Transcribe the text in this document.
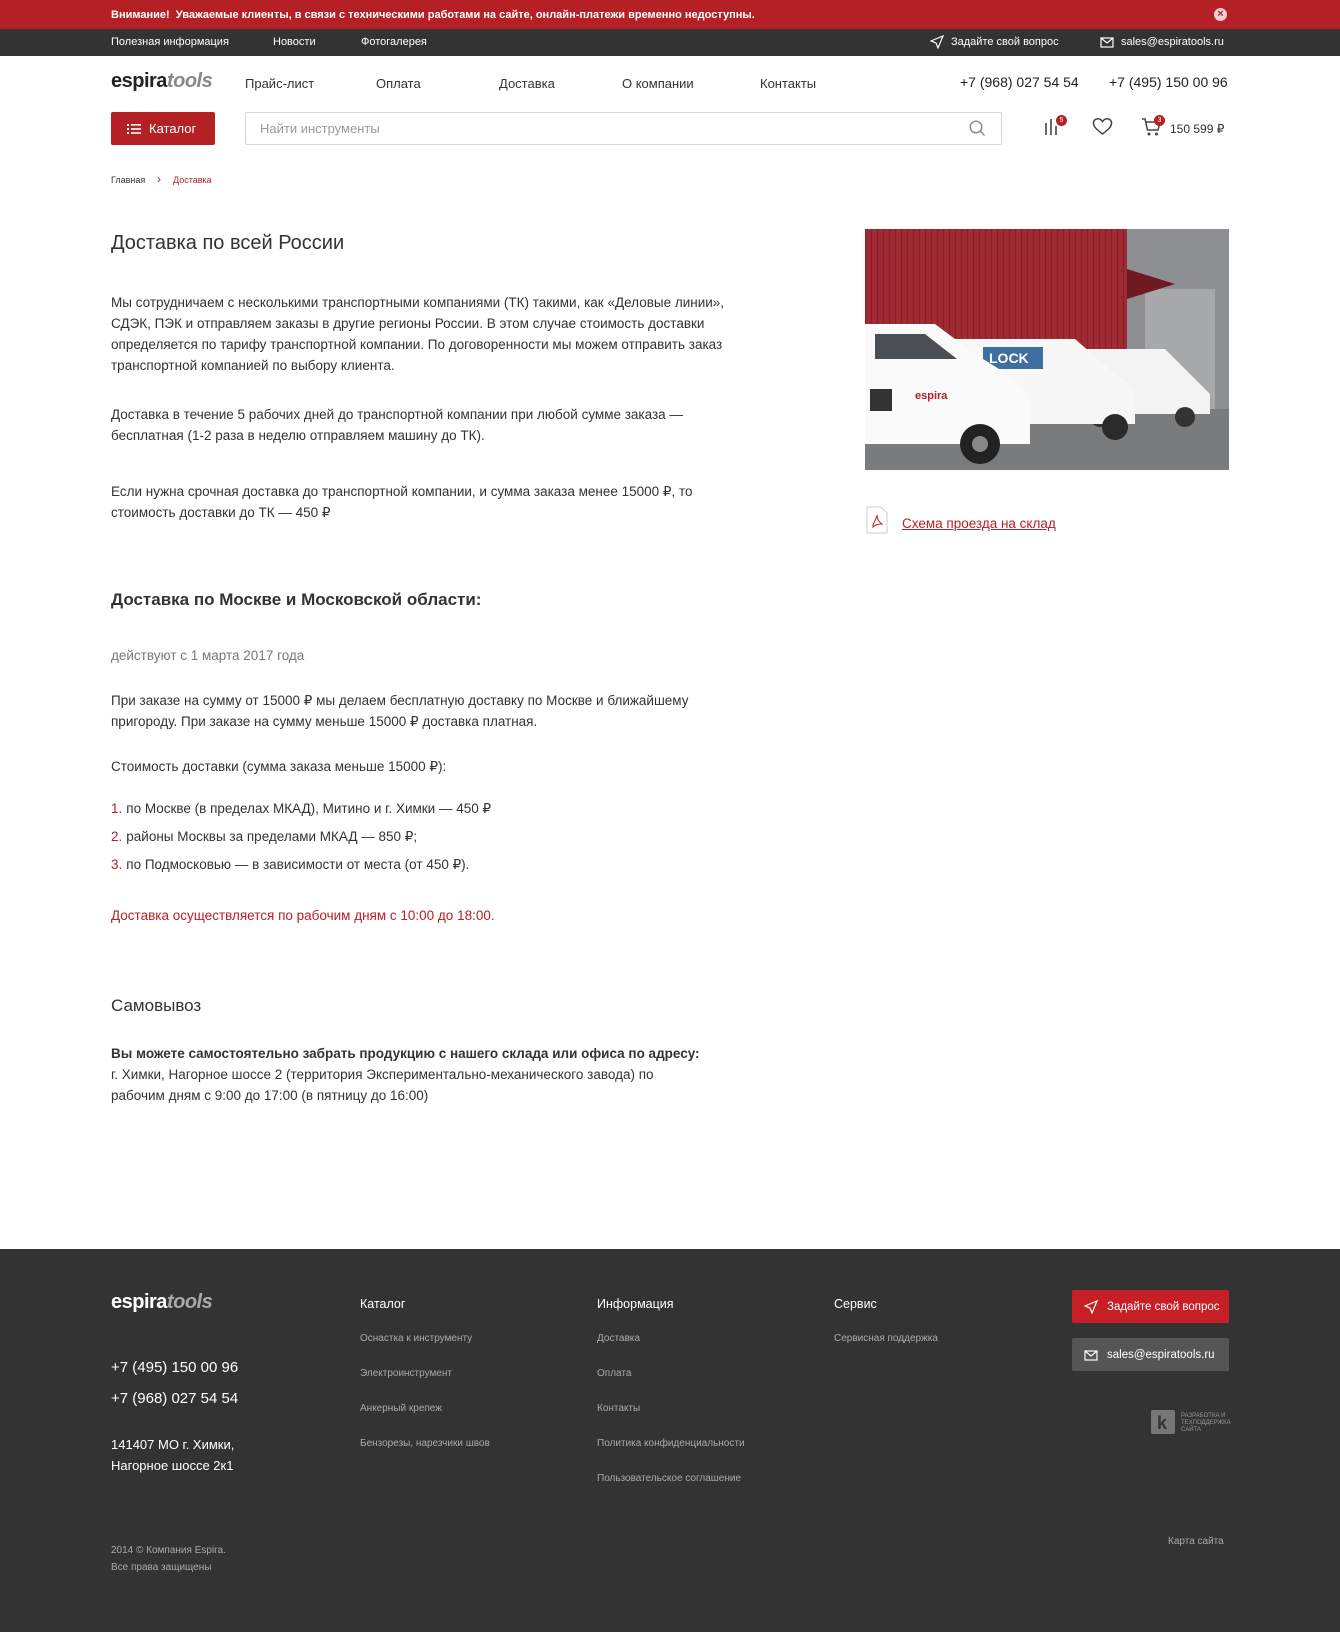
Внимание!
Уважаемые клиенты, в связи с техническими работами на сайте, онлайн-платежи временно недоступны.	×
Полезная информация	Новости	Фотогалерея	Задайте свой вопрос	sales@espiratools.ru
espiratools	Прайс-лист	Оплата	Доставка	О компании	Контакты	+7 (968) 027 54 54 +7 (495) 150 00 96
Каталог
Найти инструменты
5	3
150 599 ₽
Главная › Доставка
Доставка по всей России
Мы сотрудничаем с несколькими транспортными компаниями (ТК) такими, как «Деловые линии»,
СДЭК, ПЭК и отправляем заказы в другие регионы России. В этом случае стоимость доставки
определяется по тарифу транспортной компании. По договоренности мы можем отправить заказ
транспортной компанией по выбору клиента.
Доставка в течение 5 рабочих дней до транспортной компании при любой сумме заказа —
бесплатная (1-2 раза в неделю отправляем машину до ТК).
Если нужна срочная доставка до транспортной компании, и сумма заказа менее 15000 ₽, то
стоимость доставки до ТК — 450 ₽
Доставка по Москве и Московской области:
действуют с 1 марта 2017 года
При заказе на сумму от 15000 ₽ мы делаем бесплатную доставку по Москве и ближайшему
пригороду. При заказе на сумму меньше 15000 ₽ доставка платная.
Стоимость доставки (сумма заказа меньше 15000 ₽):
1. по Москве (в пределах МКАД), Митино и г. Химки — 450 ₽
2. районы Москвы за пределами МКАД — 850 ₽;
3. по Подмосковью — в зависимости от места (от 450 ₽).
Доставка осуществляется по рабочим дням с 10:00 до 18:00.
Самовывоз
Вы можете самостоятельно забрать продукцию с нашего склада или офиса по адресу:
г. Химки, Нагорное шоссе 2 (территория Экспериментально-механического завода) по
рабочим дням с 9:00 до 17:00 (в пятницу до 16:00)
LOCK
espira
Схема проезда на склад
espiratools
+7 (495) 150 00 96
+7 (968) 027 54 54
141407 МО г. Химки,
Нагорное шоссе 2к1
Каталог
Оснастка к инструменту
Электроинструмент
Анкерный крепеж
Бензорезы, нарезчики швов
Информация
Доставка
Оплата
Контакты
Политика конфиденциальности
Пользовательское соглашение
Сервис
Сервисная поддержка
Задайте свой вопрос
sales@espiratools.ru
k РАЗРАБОТКА И
ТЕХПОДДЕРЖКА
САЙТА
2014 © Компания Espira.
Все права защищены
Карта сайта
